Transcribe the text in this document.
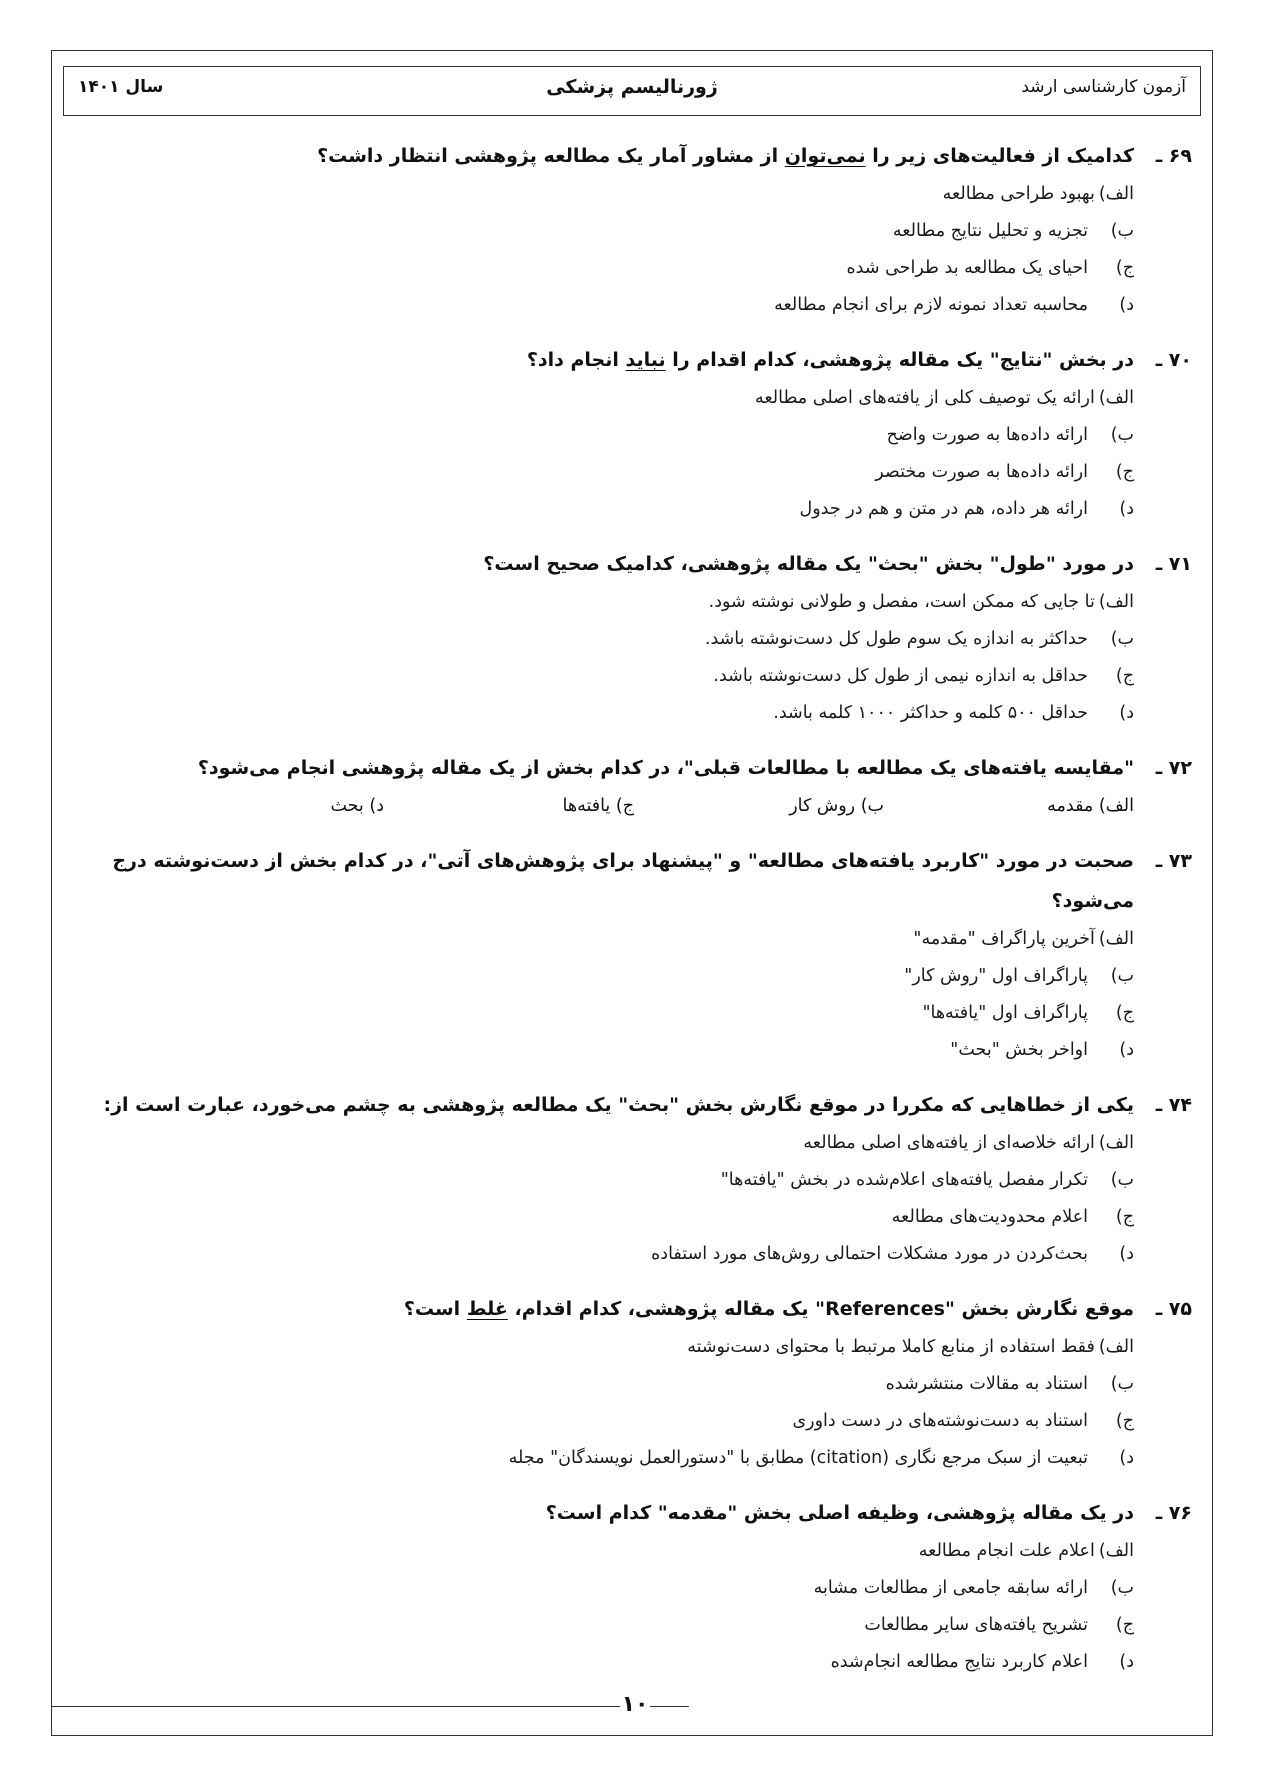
آزمون کارشناسی ارشد
ژورنالیسم پزشکی
سال ۱۴۰۱
۶۹ ـ
کدامیک از فعالیت‌های زیر را نمی‌توان از مشاور آمار یک مطالعه پژوهشی انتظار داشت؟
الف)
بهبود طراحی مطالعه
ب)
تجزیه و تحلیل نتایج مطالعه
ج)
احیای یک مطالعه بد طراحی شده
د)
محاسبه تعداد نمونه لازم برای انجام مطالعه
۷۰ ـ
در بخش "نتایج" یک مقاله پژوهشی، کدام اقدام را نباید انجام داد؟
الف)
ارائه یک توصیف کلی از یافته‌های اصلی مطالعه
ب)
ارائه داده‌ها به صورت واضح
ج)
ارائه داده‌ها به صورت مختصر
د)
ارائه هر داده، هم در متن و هم در جدول
۷۱ ـ
در مورد "طول" بخش "بحث" یک مقاله پژوهشی، کدامیک صحیح است؟
الف)
تا جایی که ممکن است، مفصل و طولانی نوشته شود.
ب)
حداکثر به اندازه یک سوم طول کل دست‌نوشته باشد.
ج)
حداقل به اندازه نیمی از طول کل دست‌نوشته باشد.
د)
حداقل ۵۰۰ کلمه و حداکثر ۱۰۰۰ کلمه باشد.
۷۲ ـ
"مقایسه یافته‌های یک مطالعه با مطالعات قبلی"، در کدام بخش از یک مقاله پژوهشی انجام می‌شود؟
الف) مقدمه
ب) روش کار
ج) یافته‌ها
د) بحث
۷۳ ـ
صحبت در مورد "کاربرد یافته‌های مطالعه" و "پیشنهاد برای پژوهش‌های آتی"، در کدام بخش از دست‌نوشته درج می‌شود؟
الف)
آخرین پاراگراف "مقدمه"
ب)
پاراگراف اول "روش کار"
ج)
پاراگراف اول "یافته‌ها"
د)
اواخر بخش "بحث"
۷۴ ـ
یکی از خطاهایی که مکررا در موقع نگارش بخش "بحث" یک مطالعه پژوهشی به چشم می‌خورد، عبارت است از:
الف)
ارائه خلاصه‌ای از یافته‌های اصلی مطالعه
ب)
تکرار مفصل یافته‌های اعلام‌شده در بخش "یافته‌ها"
ج)
اعلام محدودیت‌های مطالعه
د)
بحث‌کردن در مورد مشکلات احتمالی روش‌های مورد استفاده
۷۵ ـ
موقع نگارش بخش "References" یک مقاله پژوهشی، کدام اقدام، غلط است؟
الف)
فقط استفاده از منابع کاملا مرتبط با محتوای دست‌نوشته
ب)
استناد به مقالات منتشرشده
ج)
استناد به دست‌نوشته‌های در دست داوری
د)
تبعیت از سبک مرجع نگاری (citation) مطابق با "دستورالعمل نویسندگان" مجله
۷۶ ـ
در یک مقاله پژوهشی، وظیفه اصلی بخش "مقدمه" کدام است؟
الف)
اعلام علت انجام مطالعه
ب)
ارائه سابقه جامعی از مطالعات مشابه
ج)
تشریح یافته‌های سایر مطالعات
د)
اعلام کاربرد نتایج مطالعه انجام‌شده
۱۰
